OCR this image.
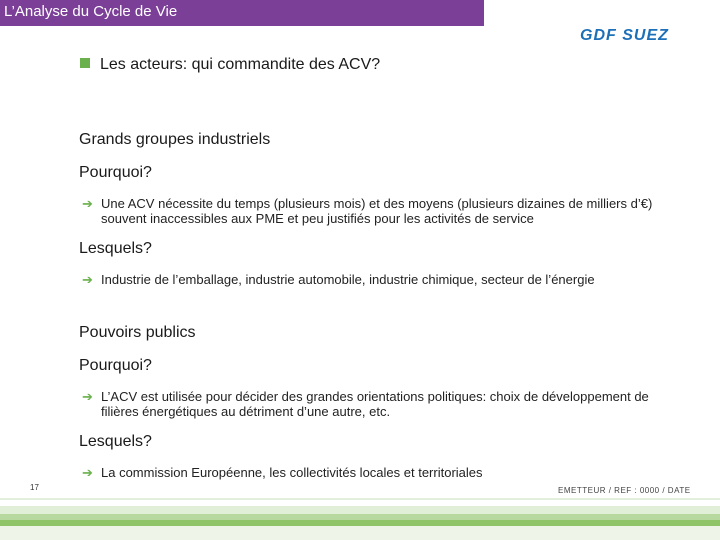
L’Analyse du Cycle de Vie
GDF SUEZ
Les acteurs: qui commandite des ACV?
Grands groupes industriels
Pourquoi?
➔ Une ACV nécessite du temps (plusieurs mois) et des moyens (plusieurs dizaines de milliers d’€) souvent inaccessibles aux PME et peu justifiés pour les activités de service
Lesquels?
➔ Industrie de l’emballage, industrie automobile, industrie chimique, secteur de l’énergie
Pouvoirs publics
Pourquoi?
➔ L’ACV est utilisée pour décider des grandes orientations politiques: choix de développement de filières énergétiques au détriment d’une autre, etc.
Lesquels?
➔ La commission Européenne, les collectivités locales et territoriales
17	EMETTEUR / REF : 0000 / DATE
